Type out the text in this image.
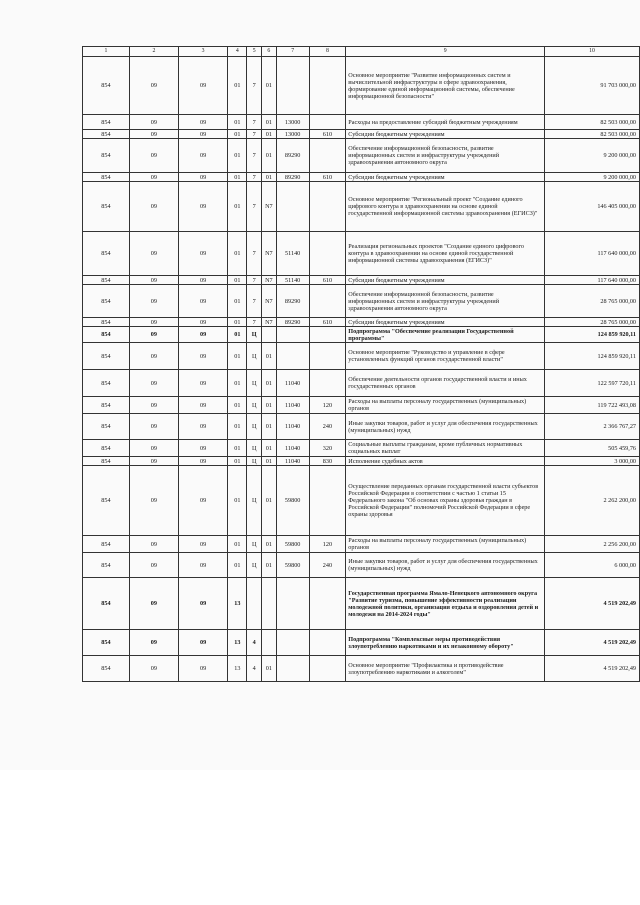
1	2	3	4	5	6	7	8	9	10
854	09	09	01	7	01			Основное мероприятие "Развитие информационных систем и вычислительной инфраструктуры в сфере здравоохранения, формирование единой информационной системы, обеспечение информационной безопасности"	91 703 000,00
854	09	09	01	7	01	13000		Расходы на предоставление субсидий бюджетным учреждениям	82 503 000,00
854	09	09	01	7	01	13000	610	Субсидии бюджетным учреждениям	82 503 000,00
854	09	09	01	7	01	89290		Обеспечение информационной безопасности, развитие информационных систем и инфраструктуры учреждений здравоохранения автономного округа	9 200 000,00
854	09	09	01	7	01	89290	610	Субсидии бюджетным учреждениям	9 200 000,00
854	09	09	01	7	N7			Основное мероприятие "Региональный проект "Создание единого цифрового контура в здравоохранении на основе единой государственной информационной системы здравоохранения (ЕГИСЗ)"	146 405 000,00
854	09	09	01	7	N7	51140		Реализация региональных проектов "Создание единого цифрового контура в здравоохранении на основе единой государственной информационной системы здравоохранения (ЕГИСЗ)"	117 640 000,00
854	09	09	01	7	N7	51140	610	Субсидии бюджетным учреждениям	117 640 000,00
854	09	09	01	7	N7	89290		Обеспечение информационной безопасности, развитие информационных систем и инфраструктуры учреждений здравоохранения автономного округа	28 765 000,00
854	09	09	01	7	N7	89290	610	Субсидии бюджетным учреждениям	28 765 000,00
854	09	09	01	Ц				Подпрограмма "Обеспечение реализации Государственной программы"	124 859 920,11
854	09	09	01	Ц	01			Основное мероприятие "Руководство и управление в сфере установленных функций органов государственной власти"	124 859 920,11
854	09	09	01	Ц	01	11040		Обеспечение деятельности органов государственной власти и иных государственных органов	122 597 720,11
854	09	09	01	Ц	01	11040	120	Расходы на выплаты персоналу государственных (муниципальных) органов	119 722 493,08
854	09	09	01	Ц	01	11040	240	Иные закупки товаров, работ и услуг для обеспечения государственных (муниципальных) нужд	2 366 767,27
854	09	09	01	Ц	01	11040	320	Социальные выплаты гражданам, кроме публичных нормативных социальных выплат	505 459,76
854	09	09	01	Ц	01	11040	830	Исполнение судебных актов	3 000,00
854	09	09	01	Ц	01	59800		Осуществление переданных органам государственной власти субъектов Российской Федерации в соответствии с частью 1 статьи 15 Федерального закона "Об основах охраны здоровья граждан в Российской Федерации" полномочий Российской Федерации в сфере охраны здоровья	2 262 200,00
854	09	09	01	Ц	01	59800	120	Расходы на выплаты персоналу государственных (муниципальных) органов	2 256 200,00
854	09	09	01	Ц	01	59800	240	Иные закупки товаров, работ и услуг для обеспечения государственных (муниципальных) нужд	6 000,00
854	09	09	13					Государственная программа Ямало-Ненецкого автономного округа "Развитие туризма, повышение эффективности реализации молодежной политики, организация отдыха и оздоровления детей и молодежи на 2014-2024 годы"	4 519 202,49
854	09	09	13	4				Подпрограмма "Комплексные меры противодействия злоупотреблению наркотиками и их незаконному обороту"	4 519 202,49
854	09	09	13	4	01			Основное мероприятие "Профилактика и противодействие злоупотреблению наркотиками и алкоголем"	4 519 202,49
